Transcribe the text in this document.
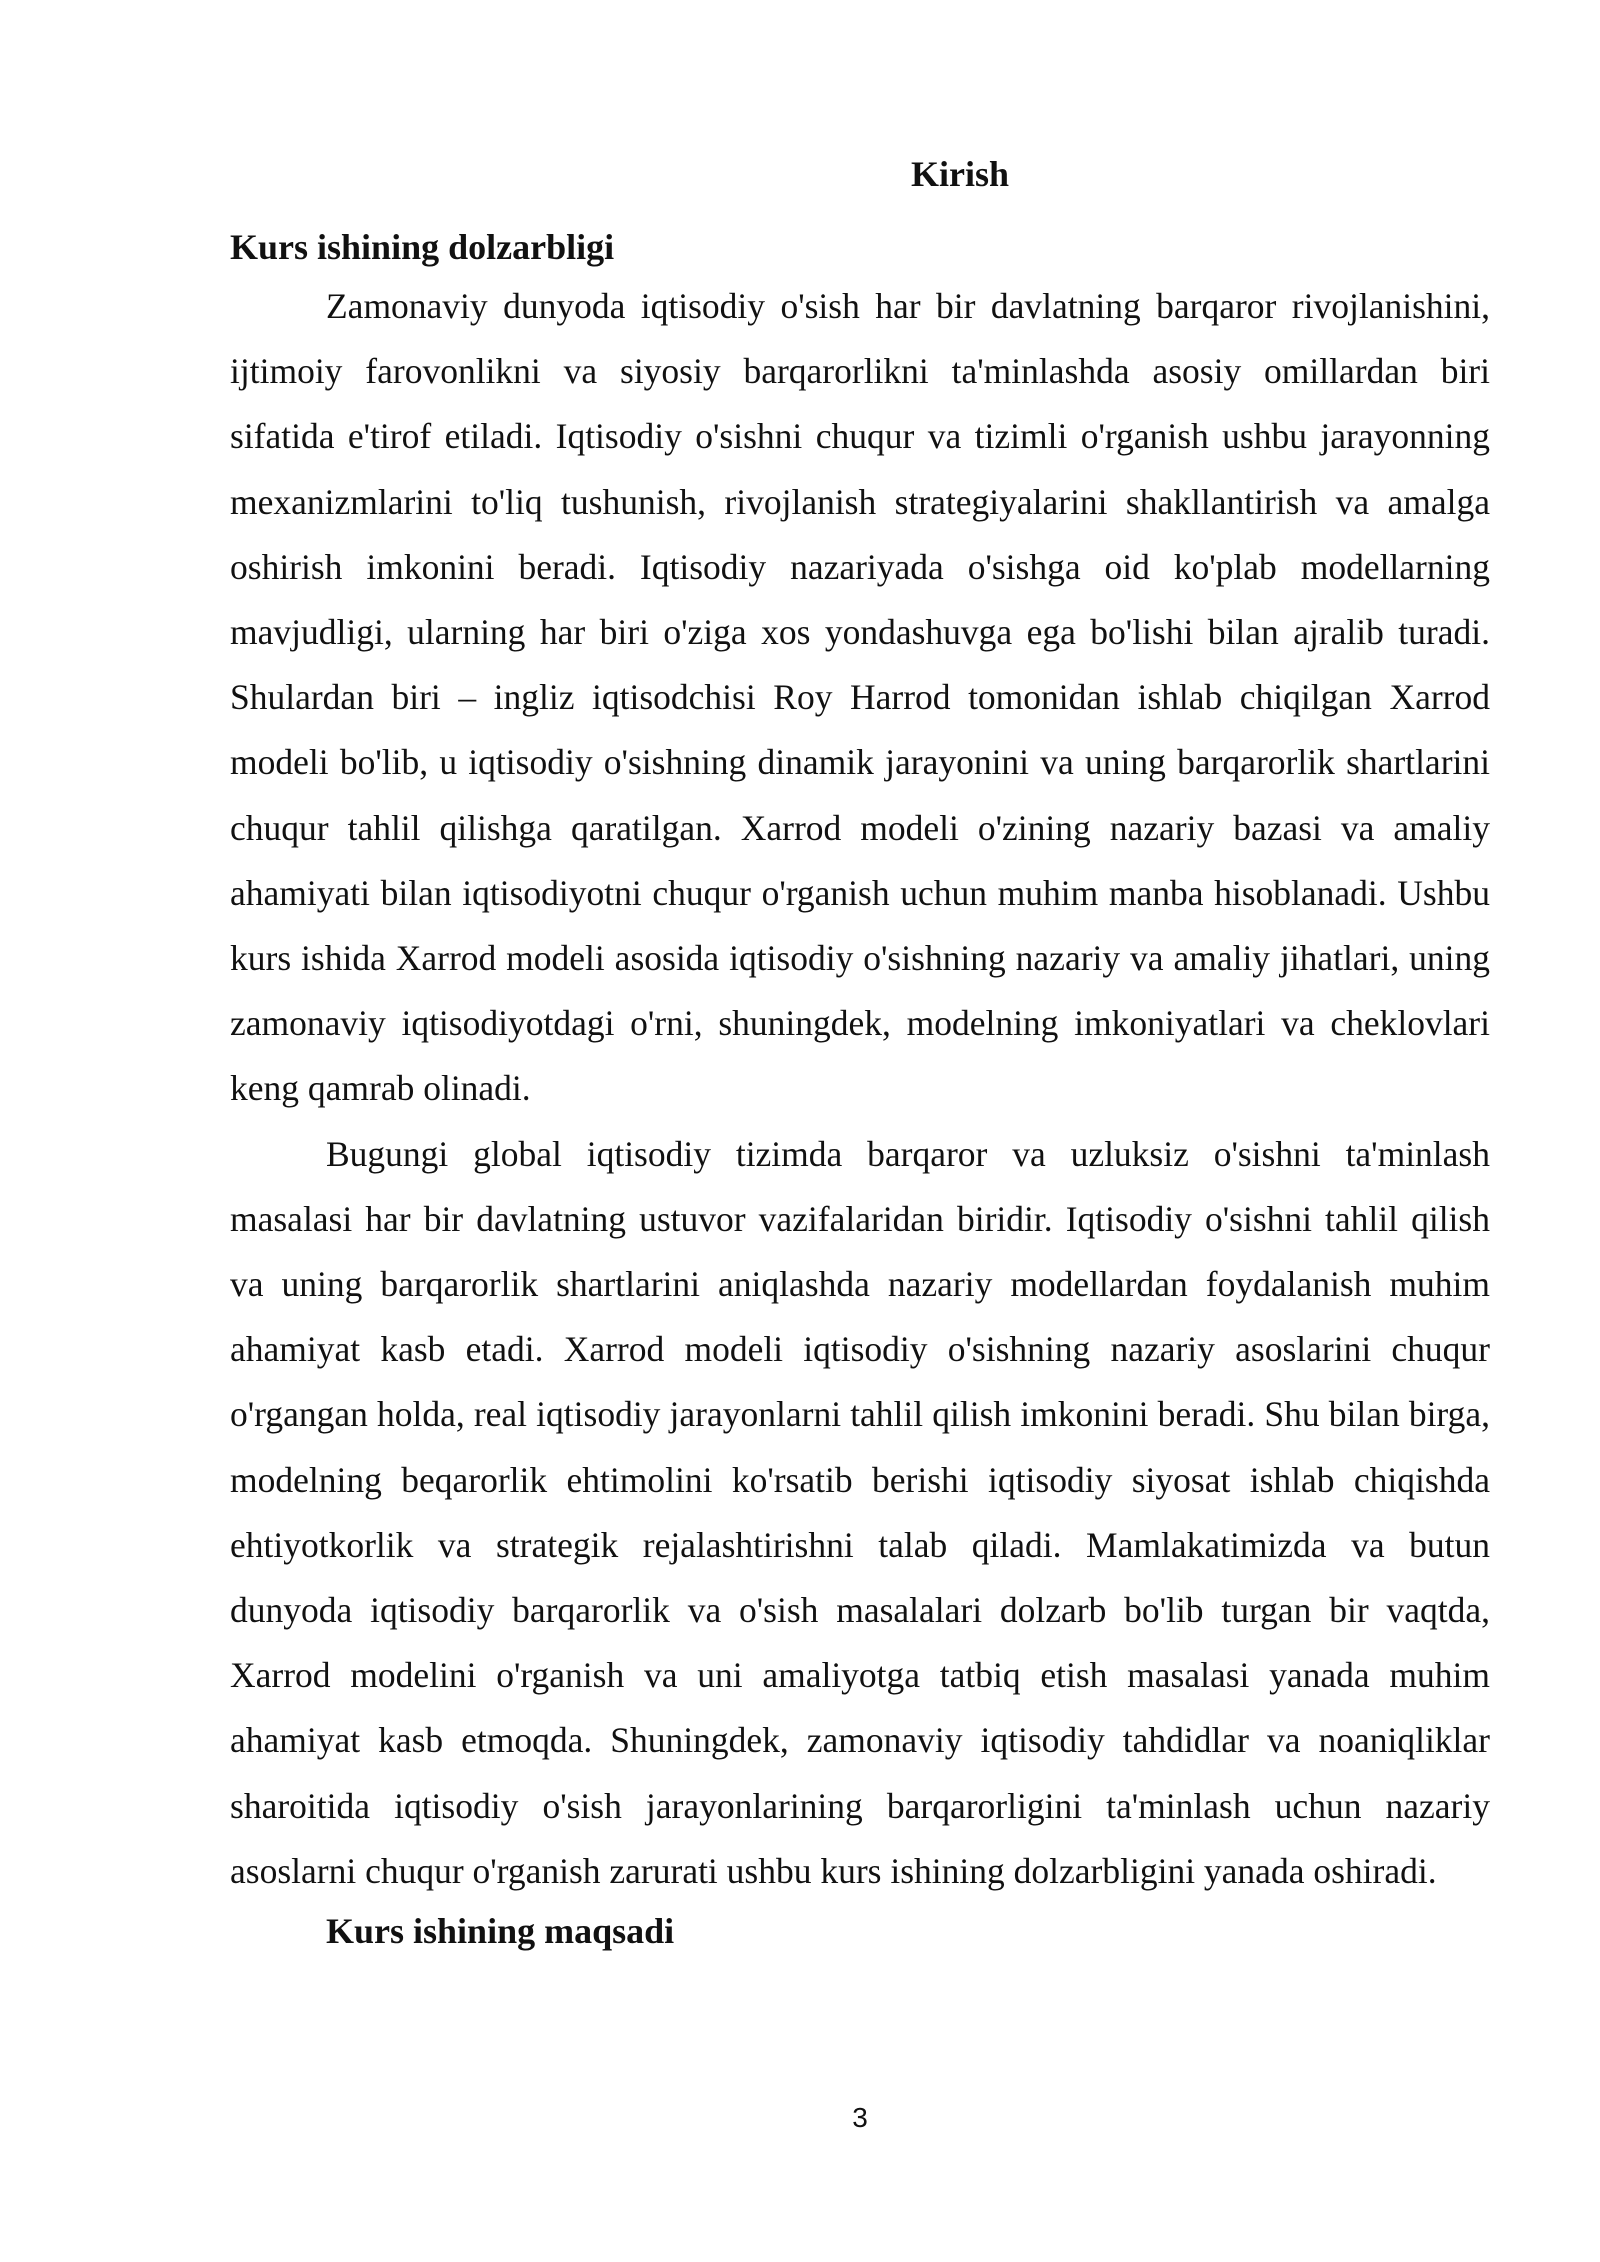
Kirish
Kurs ishining dolzarbligi

Zamonaviy dunyoda iqtisodiy o'sish har bir davlatning barqaror rivojlanishini, ijtimoiy farovonlikni va siyosiy barqarorlikni ta'minlashda asosiy omillardan biri sifatida e'tirof etiladi. Iqtisodiy o'sishni chuqur va tizimli o'rganish ushbu jarayonning mexanizmlarini to'liq tushunish, rivojlanish strategiyalarini shakllantirish va amalga oshirish imkonini beradi. Iqtisodiy nazariyada o'sishga oid ko'plab modellarning mavjudligi, ularning har biri o'ziga xos yondashuvga ega bo'lishi bilan ajralib turadi. Shulardan biri – ingliz iqtisodchisi Roy Harrod tomonidan ishlab chiqilgan Xarrod modeli bo'lib, u iqtisodiy o'sishning dinamik jarayonini va uning barqarorlik shartlarini chuqur tahlil qilishga qaratilgan. Xarrod modeli o'zining nazariy bazasi va amaliy ahamiyati bilan iqtisodiyotni chuqur o'rganish uchun muhim manba hisoblanadi. Ushbu kurs ishida Xarrod modeli asosida iqtisodiy o'sishning nazariy va amaliy jihatlari, uning zamonaviy iqtisodiyotdagi o'rni, shuningdek, modelning imkoniyatlari va cheklovlari keng qamrab olinadi.

Bugungi global iqtisodiy tizimda barqaror va uzluksiz o'sishni ta'minlash masalasi har bir davlatning ustuvor vazifalaridan biridir. Iqtisodiy o'sishni tahlil qilish va uning barqarorlik shartlarini aniqlashda nazariy modellardan foydalanish muhim ahamiyat kasb etadi. Xarrod modeli iqtisodiy o'sishning nazariy asoslarini chuqur o'rgangan holda, real iqtisodiy jarayonlarni tahlil qilish imkonini beradi. Shu bilan birga, modelning beqarorlik ehtimolini ko'rsatib berishi iqtisodiy siyosat ishlab chiqishda ehtiyotkorlik va strategik rejalashtirishni talab qiladi. Mamlakatimizda va butun dunyoda iqtisodiy barqarorlik va o'sish masalalari dolzarb bo'lib turgan bir vaqtda, Xarrod modelini o'rganish va uni amaliyotga tatbiq etish masalasi yanada muhim ahamiyat kasb etmoqda. Shuningdek, zamonaviy iqtisodiy tahdidlar va noaniqliklar sharoitida iqtisodiy o'sish jarayonlarining barqarorligini ta'minlash uchun nazariy asoslarni chuqur o'rganish zarurati ushbu kurs ishining dolzarbligini yanada oshiradi.

Kurs ishining maqsadi
3
